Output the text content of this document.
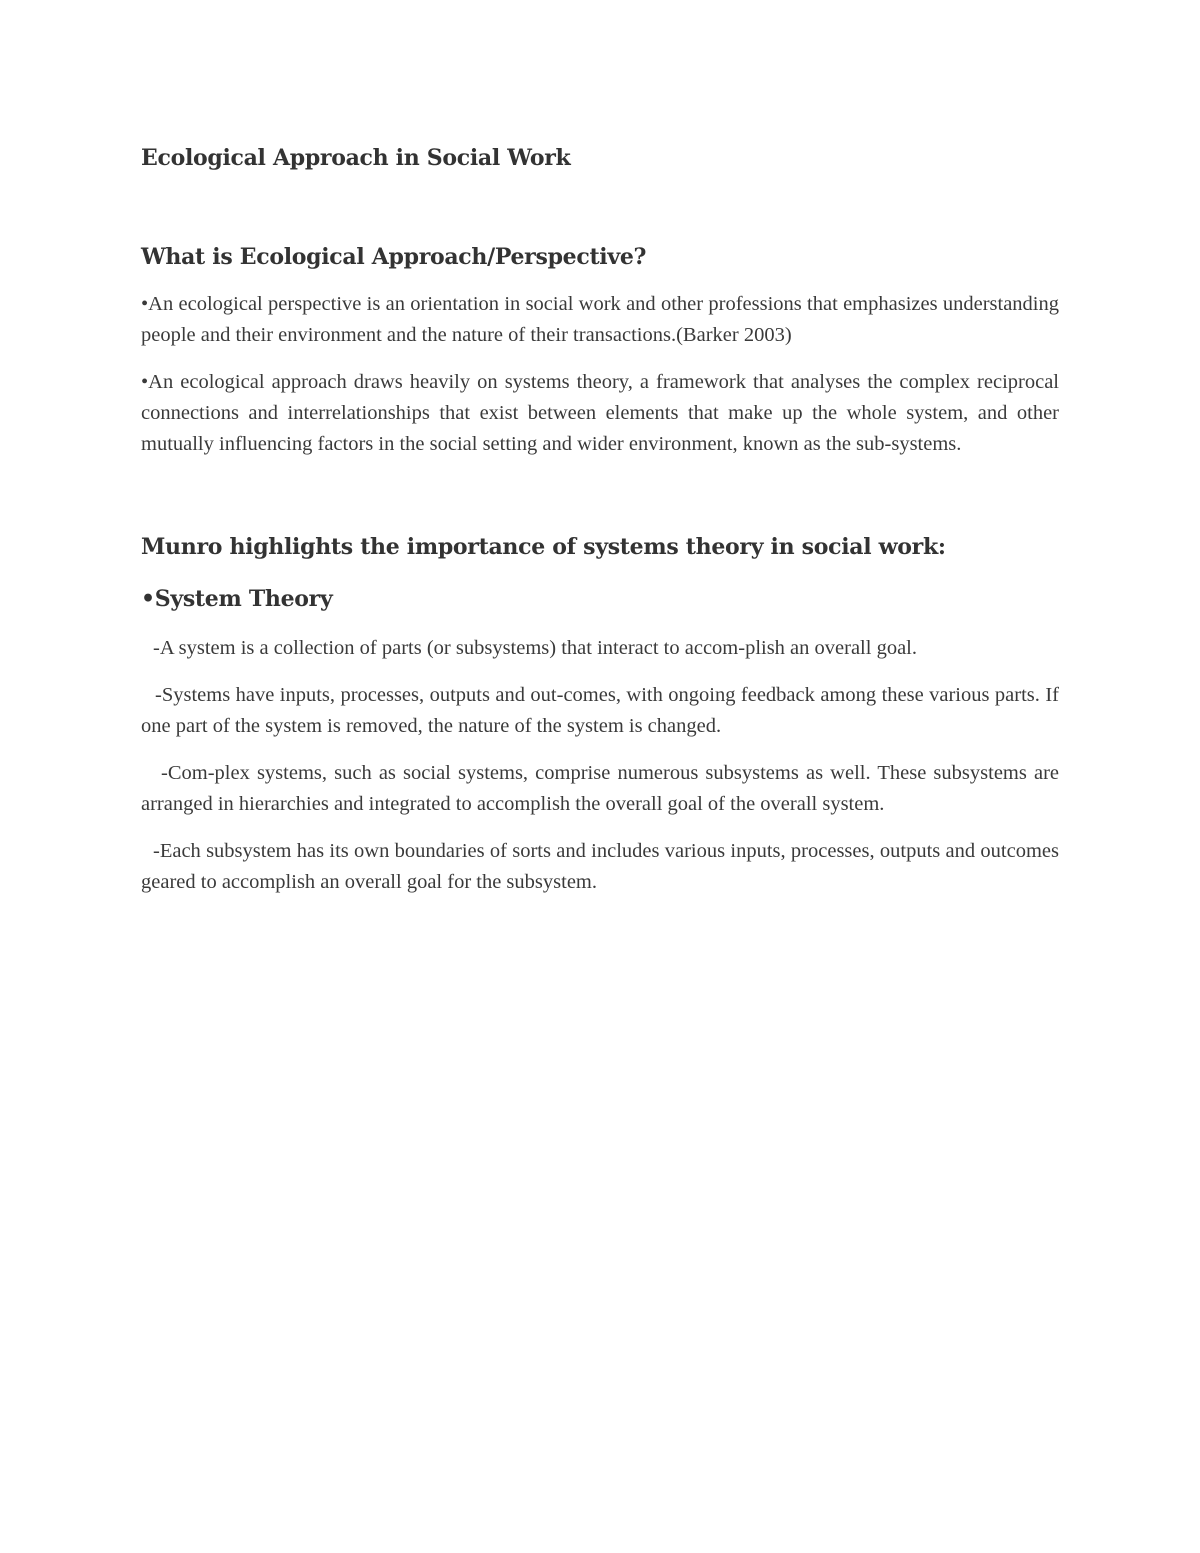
Ecological Approach in Social Work
What is Ecological Approach/Perspective?

•An ecological perspective is an orientation in social work and other professions that emphasizes understanding people and their environment and the nature of their transactions.(Barker 2003)

•An ecological approach draws heavily on systems theory, a framework that analyses the complex reciprocal connections and interrelationships that exist between elements that make up the whole system, and other mutually influencing factors in the social setting and wider environment, known as the sub-systems.

Munro highlights the importance of systems theory in social work:
•System Theory

-A system is a collection of parts (or subsystems) that interact to accom-plish an overall goal.

-Systems have inputs, processes, outputs and out-comes, with ongoing feedback among these various parts. If one part of the system is removed, the nature of the system is changed.

-Com-plex systems, such as social systems, comprise numerous subsystems as well. These subsystems are arranged in hierarchies and integrated to accomplish the overall goal of the overall system.

-Each subsystem has its own boundaries of sorts and includes various inputs, processes, outputs and outcomes geared to accomplish an overall goal for the subsystem.
